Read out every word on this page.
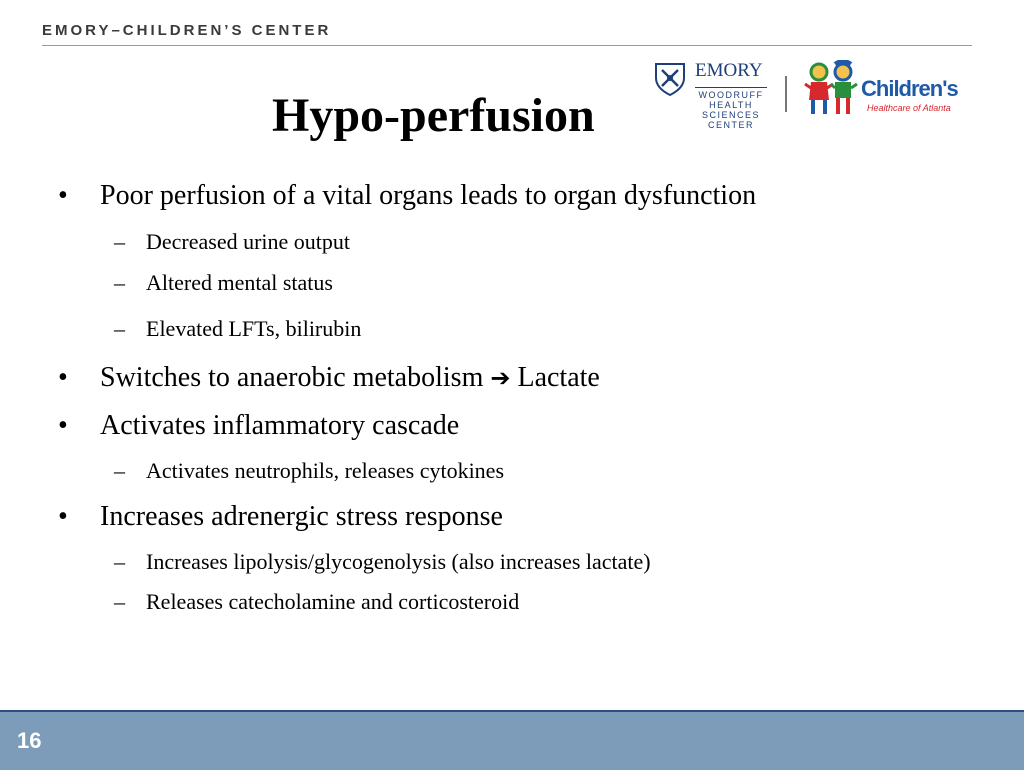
EMORY–CHILDREN’S CENTER
EMORY
WOODRUFF
HEALTH
SCIENCES
CENTER
Children's
Healthcare of Atlanta
Hypo-perfusion
• Poor perfusion of a vital organs leads to organ dysfunction
– Decreased urine output
– Altered mental status
– Elevated LFTs, bilirubin
• Switches to anaerobic metabolism ➔ Lactate
• Activates inflammatory cascade
– Activates neutrophils, releases cytokines
• Increases adrenergic stress response
– Increases lipolysis/glycogenolysis (also increases lactate)
– Releases catecholamine and corticosteroid
16
